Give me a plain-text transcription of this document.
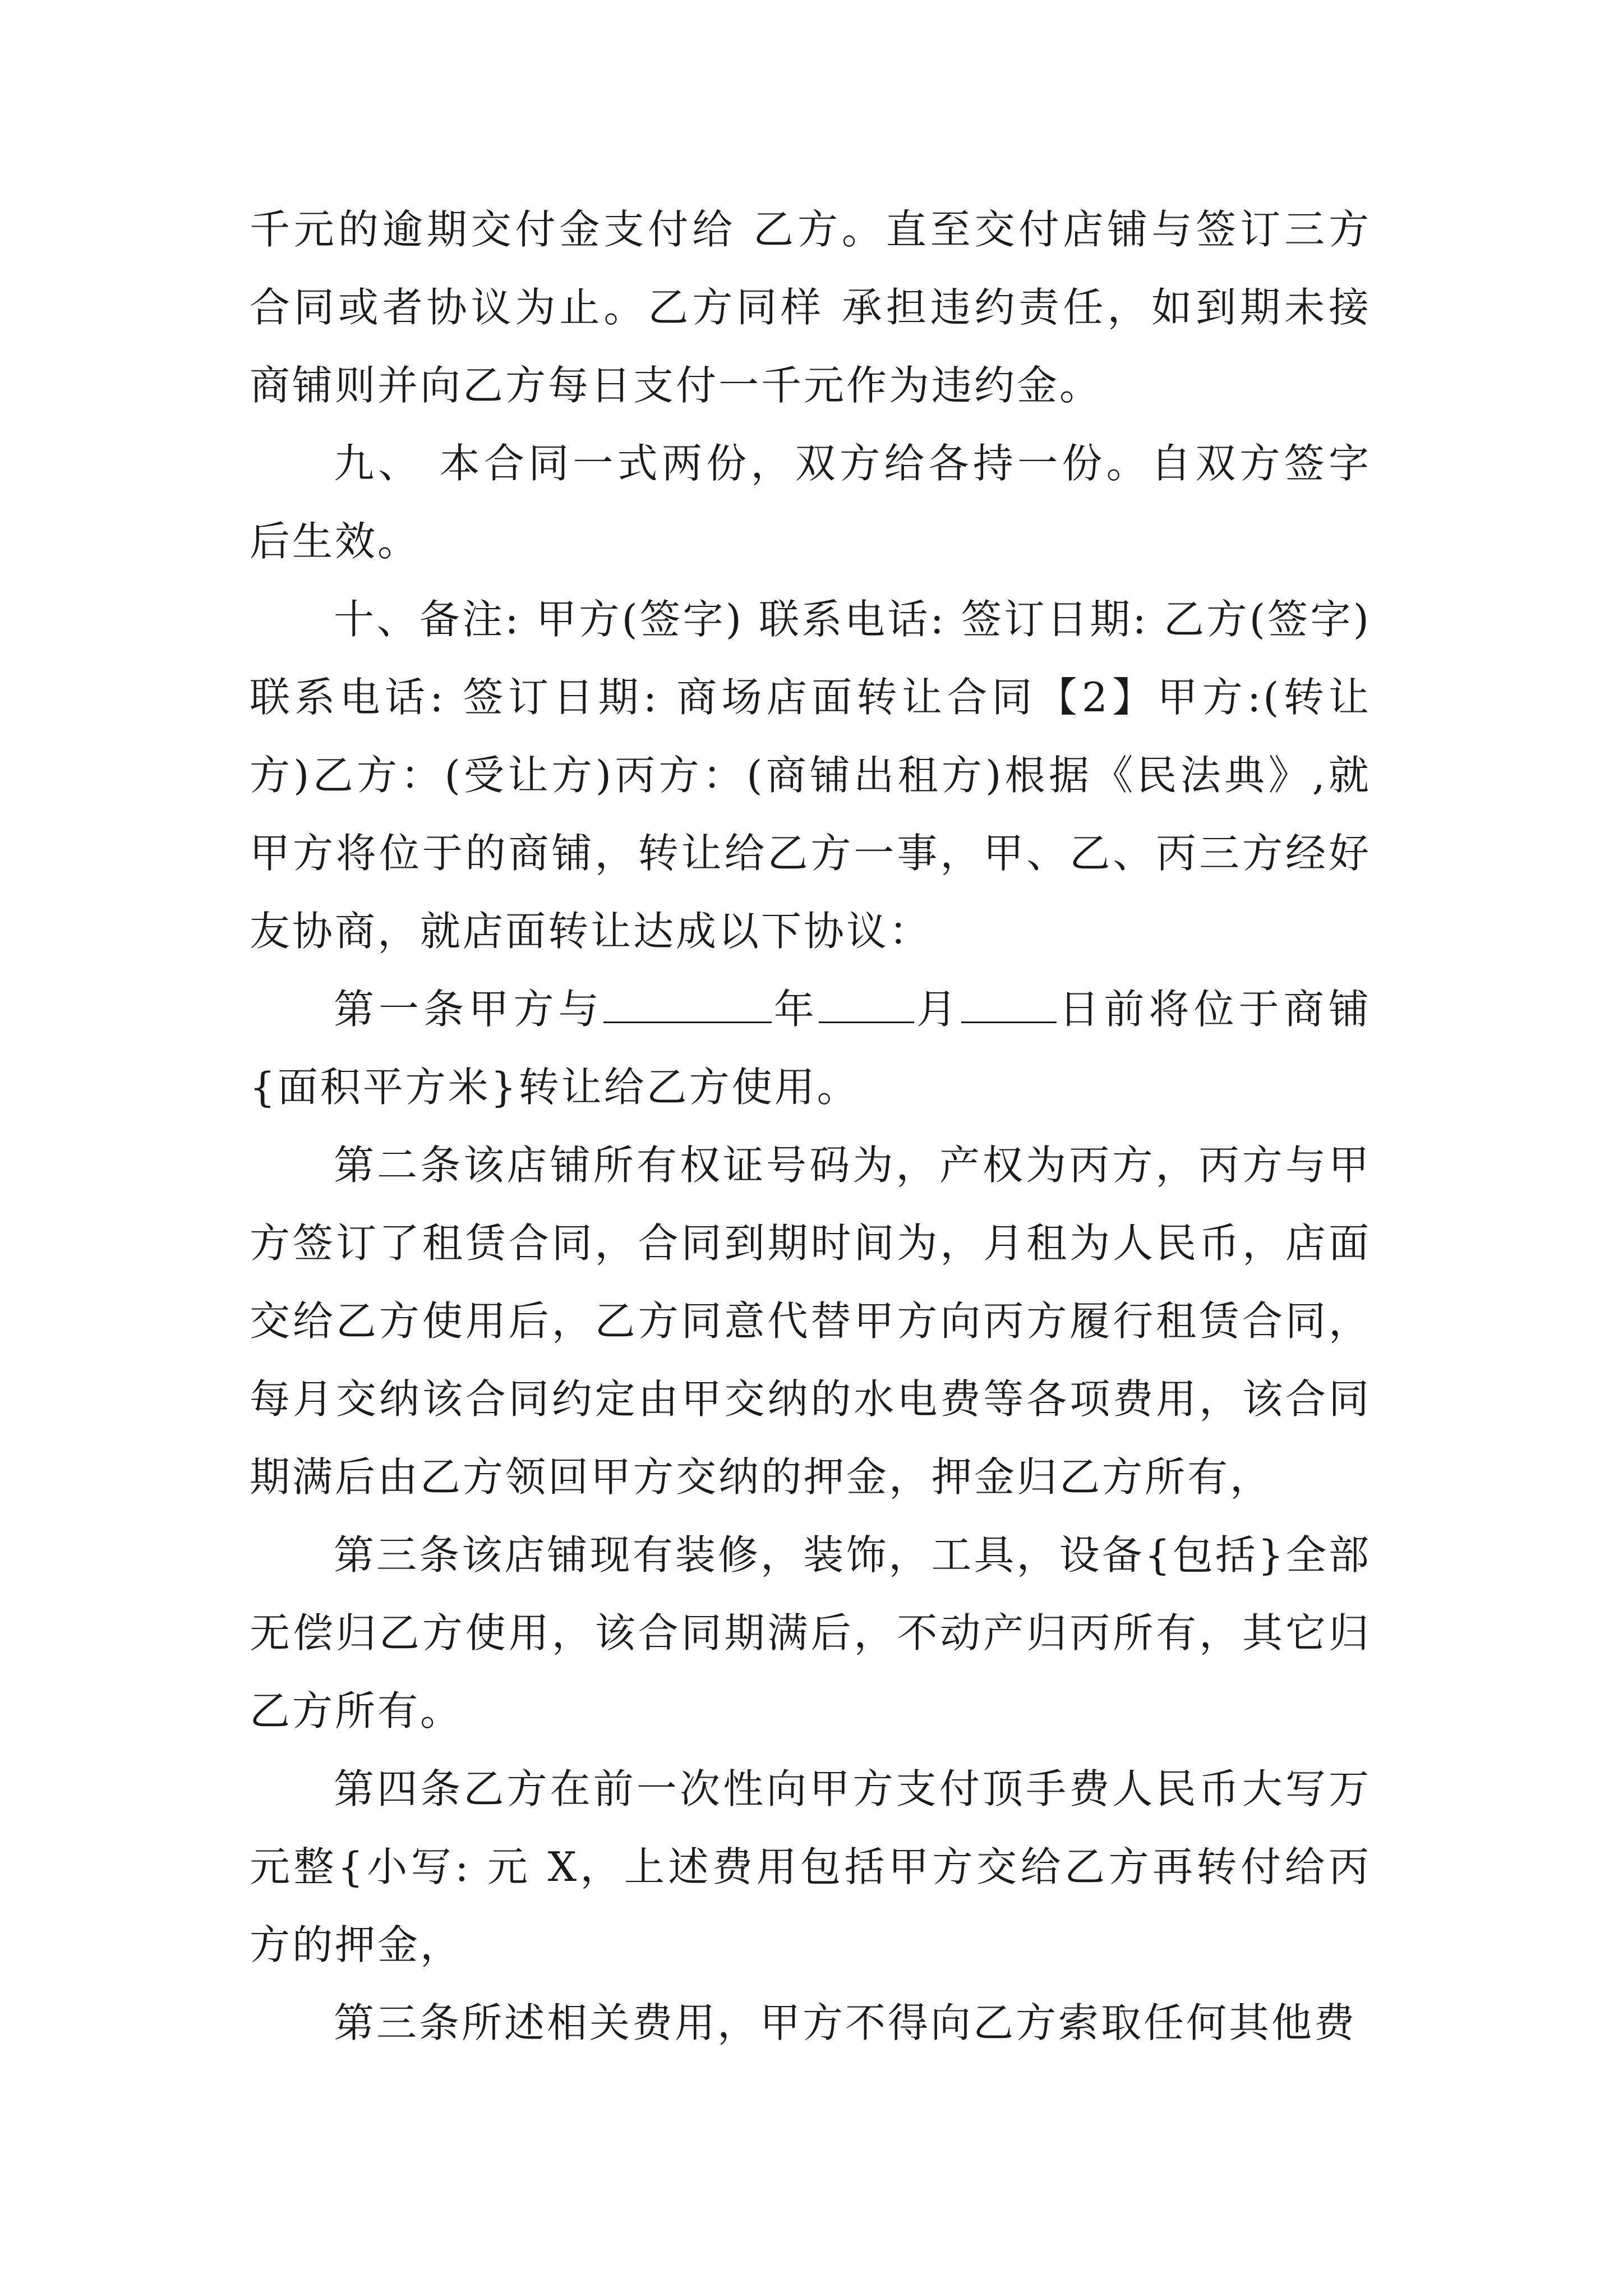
千元的逾期交付金支付给 乙方。直至交付店铺与签订三方合同或者协议为止。乙方同样 承担违约责任，如到期未接商铺则并向乙方每日支付一千元作为违约金。

九、 本合同一式两份，双方给各持一份。自双方签字后生效。

十、备注: 甲方(签字) 联系电话: 签订日期: 乙方(签字) 联系电话: 签订日期: 商场店面转让合同【2】甲方:(转让方)乙方：(受让方)丙方：(商铺出租方)根据《民法典》,就甲方将位于的商铺，转让给乙方一事，甲、乙、丙三方经好友协商，就店面转让达成以下协议：

第一条甲方与	年 月 日前将位于商铺{面积平方米}转让给乙方使用。

第二条该店铺所有权证号码为，产权为丙方，丙方与甲方签订了租赁合同，合同到期时间为，月租为人民币，店面交给乙方使用后，乙方同意代替甲方向丙方履行租赁合同，每月交纳该合同约定由甲交纳的水电费等各项费用，该合同期满后由乙方领回甲方交纳的押金，押金归乙方所有，

第三条该店铺现有装修，装饰，工具，设备{包括}全部无偿归乙方使用，该合同期满后，不动产归丙所有，其它归乙方所有。

第四条乙方在前一次性向甲方支付顶手费人民币大写万元整{小写: 元 X，上述费用包括甲方交给乙方再转付给丙方的押金，

第三条所述相关费用，甲方不得向乙方索取任何其他费
